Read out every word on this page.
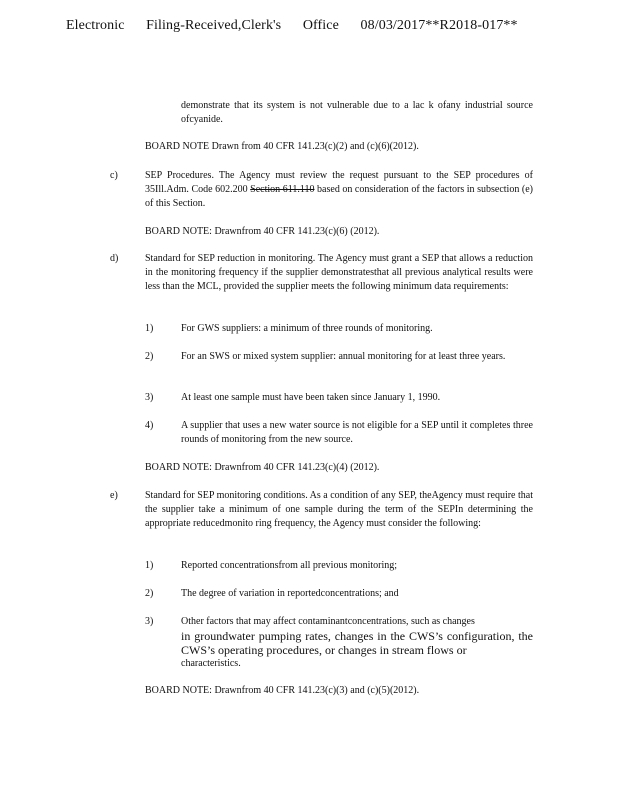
Electronic Filing-Received,Clerk's Office 08/03/2017**R2018-017**
demonstrate that its system is not vulnerable due to a lac k ofany industrial source ofcyanide.
BOARD NOTE Drawn from 40 CFR 141.23(c)(2) and (c)(6)(2012).
c)	SEP Procedures. The Agency must review the request pursuant to the SEP procedures of 35Ill.Adm. Code 602.200 Section 611.110 based on consideration of the factors in subsection (e) of this Section.
BOARD NOTE: Drawnfrom 40 CFR 141.23(c)(6) (2012).
d)	Standard for SEP reduction in monitoring. The Agency must grant a SEP that allows a reduction in the monitoring frequency if the supplier demonstratesthat all previous analytical results were less than the MCL, provided the supplier meets the following minimum data requirements:
1)	For GWS suppliers: a minimum of three rounds of monitoring.
2)	For an SWS or mixed system supplier: annual monitoring for at least three years.
3)	At least one sample must have been taken since January 1, 1990.
4)	A supplier that uses a new water source is not eligible for a SEP until it completes three rounds of monitoring from the new source.
BOARD NOTE: Drawnfrom 40 CFR 141.23(c)(4) (2012).
e)	Standard for SEP monitoring conditions. As a condition of any SEP, theAgency must require that the supplier take a minimum of one sample during the term of the SEPIn determining the appropriate reducedmonito ring frequency, the Agency must consider the following:
1)	Reported concentrationsfrom all previous monitoring;
2)	The degree of variation in reportedconcentrations; and
3)	Other factors that may affect contaminantconcentrations, such as changes
in groundwater pumping rates, changes in the CWS’s configuration, the CWS’s operating procedures, or changes in stream flows or
characteristics.
BOARD NOTE: Drawnfrom 40 CFR 141.23(c)(3) and (c)(5)(2012).
